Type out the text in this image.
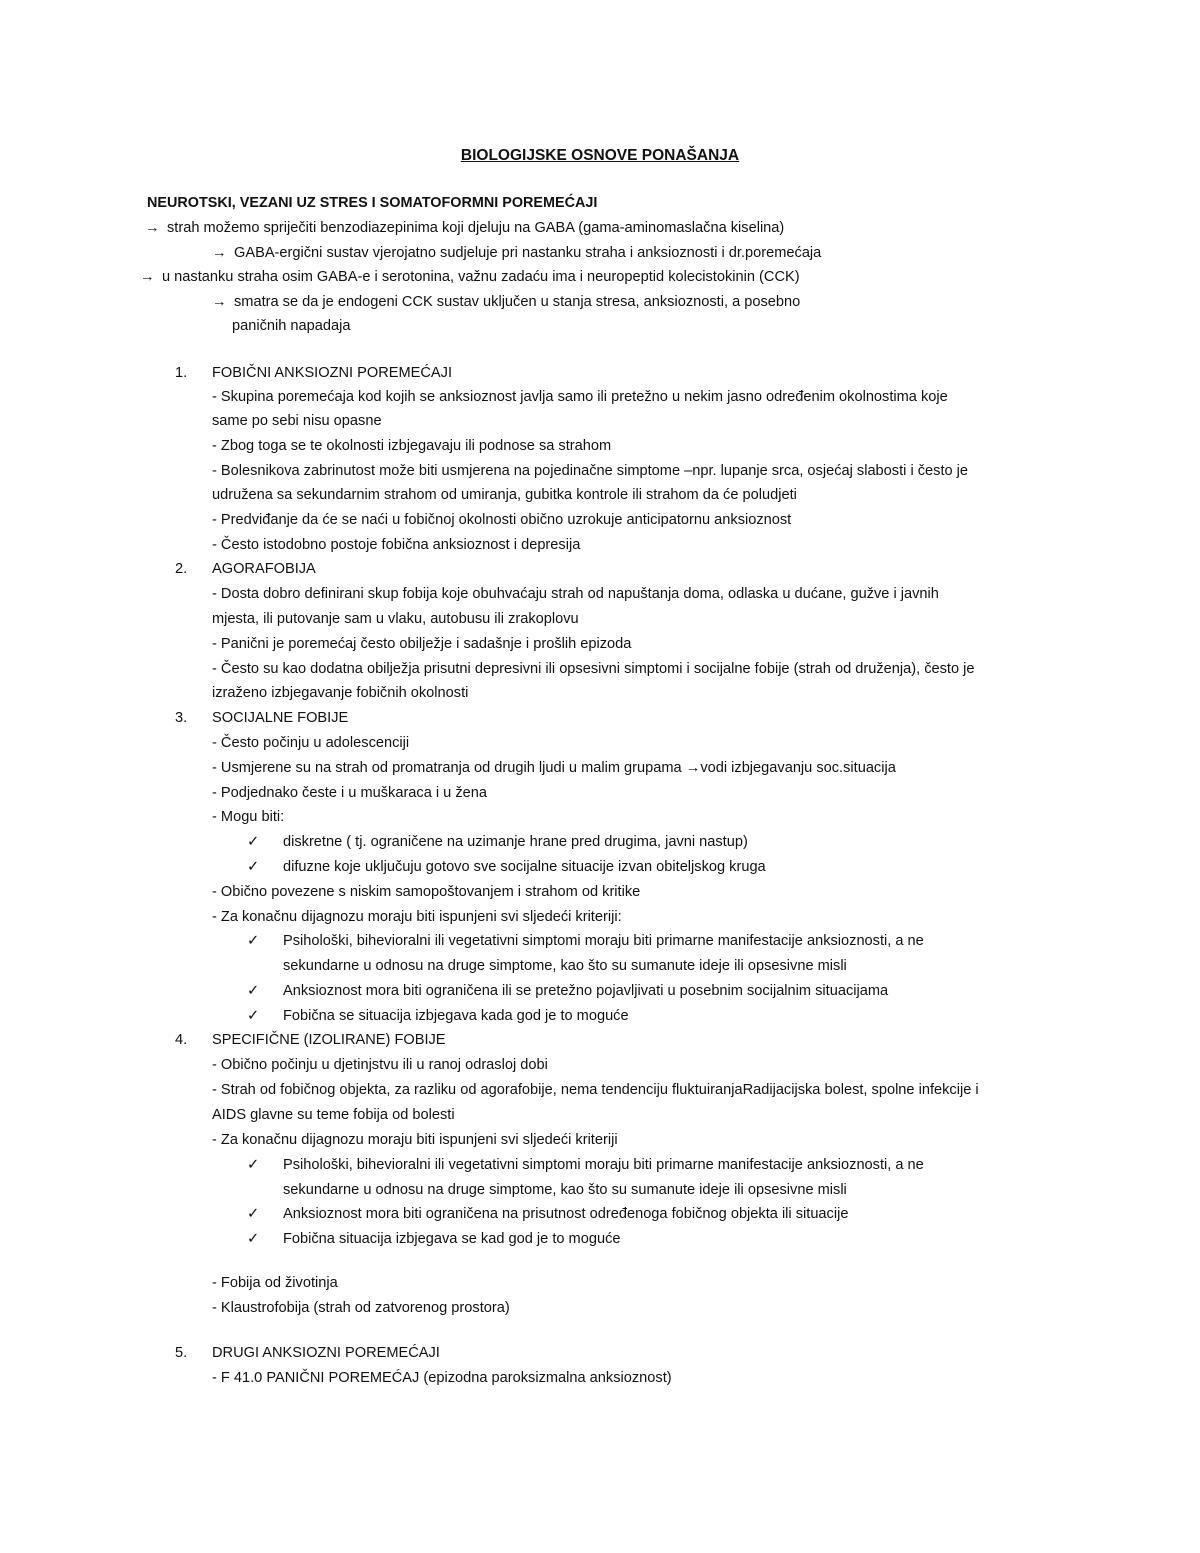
BIOLOGIJSKE OSNOVE PONAŠANJA
NEUROTSKI, VEZANI UZ STRES I SOMATOFORMNI POREMEĆAJI
→ strah možemo spriječiti benzodiazepinima koji djeluju na GABA (gama-aminomaslačna kiselina)
→ GABA-ergični sustav vjerojatno sudjeluje pri nastanku straha i anksioznosti i dr.poremećaja
→ u nastanku straha osim GABA-e i serotonina, važnu zadaću ima i neuropeptid kolecistokinin (CCK)
→ smatra se da je endogeni CCK sustav uključen u stanja stresa, anksioznosti, a posebno
paničnih napadaja
1. FOBIČNI ANKSIOZNI POREMEĆAJI
- Skupina poremećaja kod kojih se anksioznost javlja samo ili pretežno u nekim jasno određenim okolnostima koje
same po sebi nisu opasne
- Zbog toga se te okolnosti izbjegavaju ili podnose sa strahom
- Bolesnikova zabrinutost može biti usmjerena na pojedinačne simptome –npr. lupanje srca, osjećaj slabosti i često je
udružena sa sekundarnim strahom od umiranja, gubitka kontrole ili strahom da će poludjeti
- Predviđanje da će se naći u fobičnoj okolnosti obično uzrokuje anticipatornu anksioznost
- Često istodobno postoje fobična anksioznost i depresija
2. AGORAFOBIJA
- Dosta dobro definirani skup fobija koje obuhvaćaju strah od napuštanja doma, odlaska u dućane, gužve i javnih
mjesta, ili putovanje sam u vlaku, autobusu ili zrakoplovu
- Panični je poremećaj često obilježje i sadašnje i prošlih epizoda
- Često su kao dodatna obilježja prisutni depresivni ili opsesivni simptomi i socijalne fobije (strah od druženja), često je
izraženo izbjegavanje fobičnih okolnosti
3. SOCIJALNE FOBIJE
- Često počinju u adolescenciji
- Usmjerene su na strah od promatranja od drugih ljudi u malim grupama →vodi izbjegavanju soc.situacija
- Podjednako česte i u muškaraca i u žena
- Mogu biti:
✓ diskretne ( tj. ograničene na uzimanje hrane pred drugima, javni nastup)
✓ difuzne koje uključuju gotovo sve socijalne situacije izvan obiteljskog kruga
- Obično povezene s niskim samopoštovanjem i strahom od kritike
- Za konačnu dijagnozu moraju biti ispunjeni svi sljedeći kriteriji:
✓ Psihološki, bihevioralni ili vegetativni simptomi moraju biti primarne manifestacije anksioznosti, a ne
sekundarne u odnosu na druge simptome, kao što su sumanute ideje ili opsesivne misli
✓ Anksioznost mora biti ograničena ili se pretežno pojavljivati u posebnim socijalnim situacijama
✓ Fobična se situacija izbjegava kada god je to moguće
4. SPECIFIČNE (IZOLIRANE) FOBIJE
- Obično počinju u djetinjstvu ili u ranoj odrasloj dobi
- Strah od fobičnog objekta, za razliku od agorafobije, nema tendenciju fluktuiranjaRadijacijska bolest, spolne infekcije i
AIDS glavne su teme fobija od bolesti
- Za konačnu dijagnozu moraju biti ispunjeni svi sljedeći kriteriji
✓ Psihološki, bihevioralni ili vegetativni simptomi moraju biti primarne manifestacije anksioznosti, a ne
sekundarne u odnosu na druge simptome, kao što su sumanute ideje ili opsesivne misli
✓ Anksioznost mora biti ograničena na prisutnost određenoga fobičnog objekta ili situacije
✓ Fobična situacija izbjegava se kad god je to moguće
- Fobija od životinja
- Klaustrofobija (strah od zatvorenog prostora)
5. DRUGI ANKSIOZNI POREMEĆAJI
- F 41.0 PANIČNI POREMEĆAJ (epizodna paroksizmalna anksioznost)
